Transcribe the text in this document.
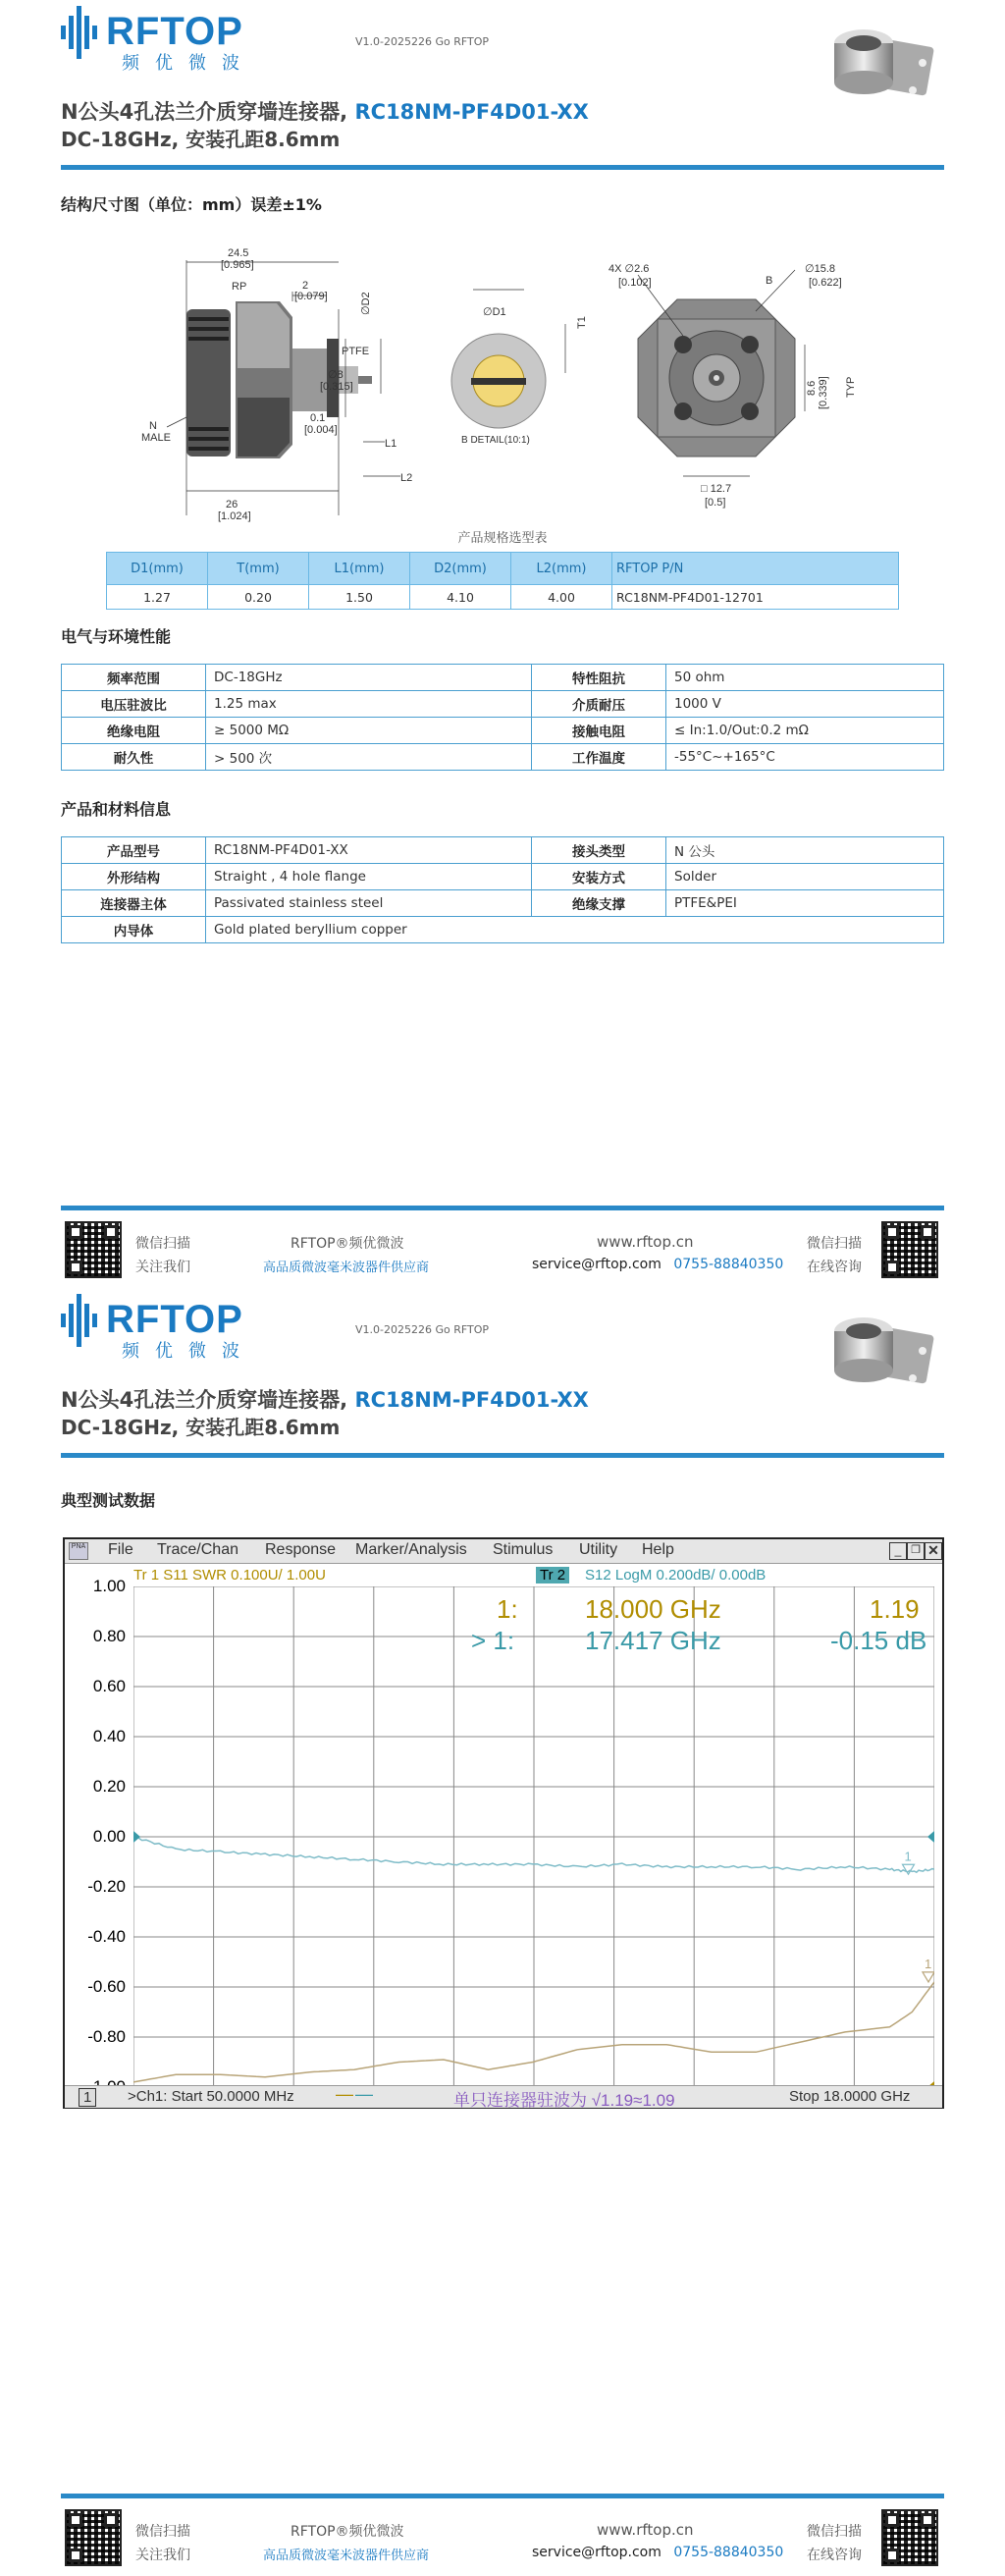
RFTOP
频优微波
V1.0-2025226 Go RFTOP
N公头4孔法兰介质穿墙连接器, RC18NM-PF4D01-XX
DC-18GHz, 安装孔距8.6mm
结构尺寸图（单位：mm）误差±1%
24.5
[0.965]
RP	2
[0.079]
∅8
[0.315]
PTFE
0.1
[0.004]
N
MALE
26
[1.024]
∅D2
L1
L2
∅D1
T1
B DETAIL(10:1)
4X ∅2.6
[0.102]	B
∅15.8
[0.622]
8.6 [0.339] TYP
□ 12.7
[0.5]
产品规格选型表
D1(mm)	T(mm)	L1(mm)	D2(mm)	L2(mm)	RFTOP P/N
1.27	0.20	1.50	4.10	4.00	RC18NM-PF4D01-12701
电气与环境性能
频率范围	DC-18GHz	特性阻抗	50 ohm
电压驻波比	1.25 max	介质耐压	1000 V
绝缘电阻	≥ 5000 MΩ	接触电阻	≤ In:1.0/Out:0.2 mΩ
耐久性	> 500 次	工作温度	-55°C~+165°C
产品和材料信息
产品型号	RC18NM-PF4D01-XX	接头类型	N 公头
外形结构	Straight , 4 hole flange	安装方式	Solder
连接器主体	Passivated stainless steel	绝缘支撑	PTFE&PEI
内导体	Gold plated beryllium copper		
微信扫描
关注我们
RFTOP®频优微波
高品质微波毫米波器件供应商
www.rftop.cn
service@rftop.com 0755-88840350
微信扫描
在线咨询
RFTOP
频优微波
V1.0-2025226 Go RFTOP
N公头4孔法兰介质穿墙连接器, RC18NM-PF4D01-XX
DC-18GHz, 安装孔距8.6mm
典型测试数据
PNA File Trace/Chan Response Marker/Analysis Stimulus Utility Help	_ ❐ ✕
Tr 1 S11 SWR 0.100U/ 1.00U	Tr 2 S12 LogM 0.200dB/ 0.00dB
1.00
0.80
0.60
0.40
0.20
0.00
-0.20
-0.40
-0.60
-0.80
1
1
1:	18.000 GHz	1.19
> 1:	17.417 GHz	-0.15 dB
1	>Ch1: Start 50.0000 MHz — —	单只连接器驻波为 √1.19≈1.09	Stop 18.0000 GHz
微信扫描
关注我们
RFTOP®频优微波
高品质微波毫米波器件供应商
www.rftop.cn
service@rftop.com 0755-88840350
微信扫描
在线咨询
